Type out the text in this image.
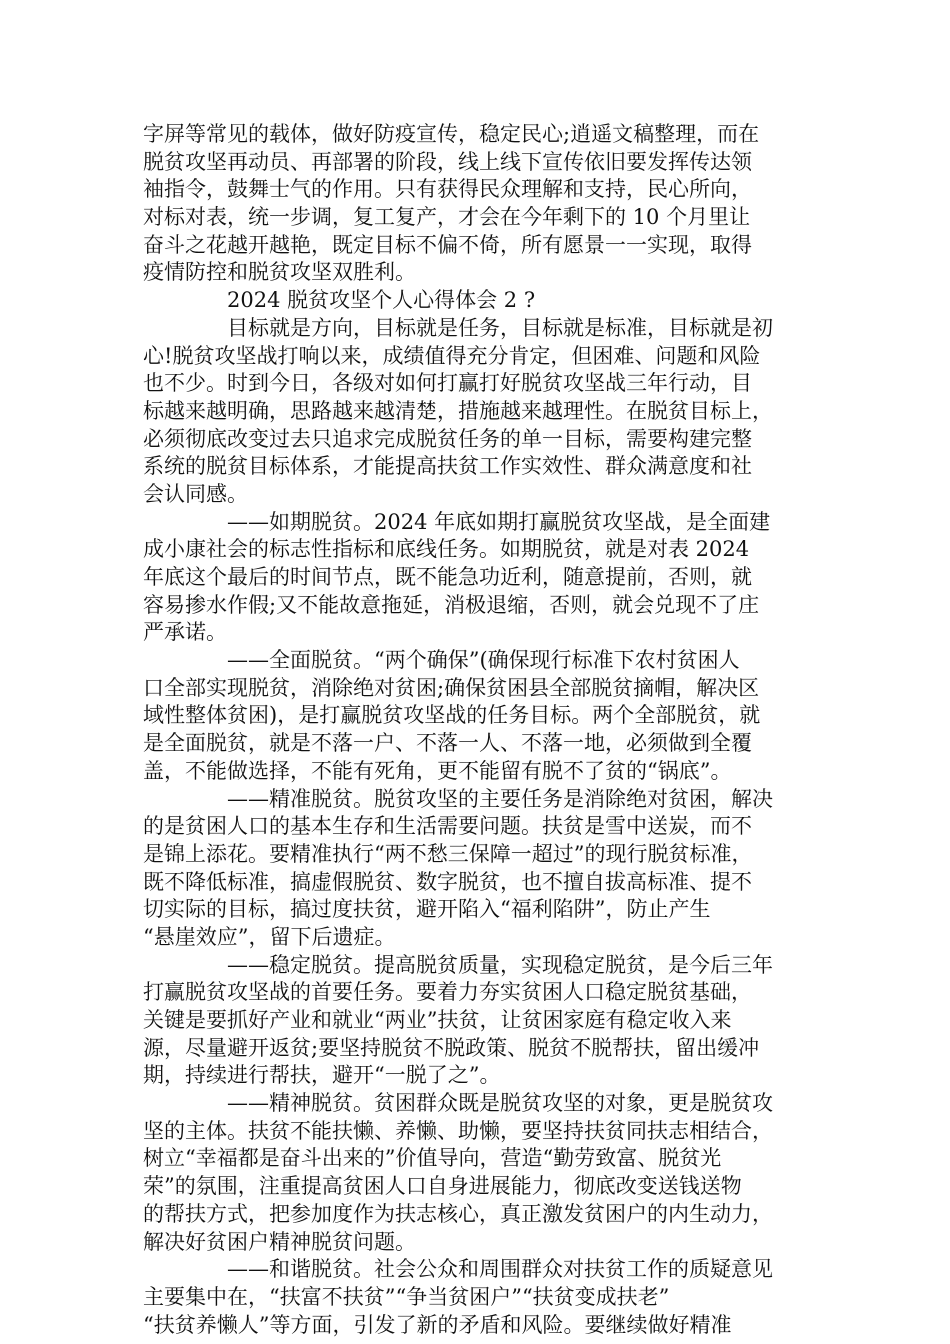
字屏等常见的载体，做好防疫宣传，稳定民心;逍遥文稿整理，而在
脱贫攻坚再动员、再部署的阶段，线上线下宣传依旧要发挥传达领
袖指令，鼓舞士气的作用。只有获得民众理解和支持，民心所向，
对标对表，统一步调，复工复产，才会在今年剩下的 10 个月里让
奋斗之花越开越艳，既定目标不偏不倚，所有愿景一一实现，取得
疫情防控和脱贫攻坚双胜利。
2024 脱贫攻坚个人心得体会 2 ?
目标就是方向，目标就是任务，目标就是标准，目标就是初
心!脱贫攻坚战打响以来，成绩值得充分肯定，但困难、问题和风险
也不少。时到今日，各级对如何打赢打好脱贫攻坚战三年行动，目
标越来越明确，思路越来越清楚，措施越来越理性。在脱贫目标上，
必须彻底改变过去只追求完成脱贫任务的单一目标，需要构建完整
系统的脱贫目标体系，才能提高扶贫工作实效性、群众满意度和社
会认同感。
——如期脱贫。2024 年底如期打赢脱贫攻坚战，是全面建
成小康社会的标志性指标和底线任务。如期脱贫，就是对表 2024
年底这个最后的时间节点，既不能急功近利，随意提前，否则，就
容易掺水作假;又不能故意拖延，消极退缩，否则，就会兑现不了庄
严承诺。
——全面脱贫。“两个确保”(确保现行标准下农村贫困人
口全部实现脱贫，消除绝对贫困;确保贫困县全部脱贫摘帽，解决区
域性整体贫困)，是打赢脱贫攻坚战的任务目标。两个全部脱贫，就
是全面脱贫，就是不落一户、不落一人、不落一地，必须做到全覆
盖，不能做选择，不能有死角，更不能留有脱不了贫的“锅底”。
——精准脱贫。脱贫攻坚的主要任务是消除绝对贫困，解决
的是贫困人口的基本生存和生活需要问题。扶贫是雪中送炭，而不
是锦上添花。要精准执行“两不愁三保障一超过”的现行脱贫标准，
既不降低标准，搞虚假脱贫、数字脱贫，也不擅自拔高标准、提不
切实际的目标，搞过度扶贫，避开陷入“福利陷阱”，防止产生
“悬崖效应”，留下后遗症。
——稳定脱贫。提高脱贫质量，实现稳定脱贫，是今后三年
打赢脱贫攻坚战的首要任务。要着力夯实贫困人口稳定脱贫基础，
关键是要抓好产业和就业“两业”扶贫，让贫困家庭有稳定收入来
源，尽量避开返贫;要坚持脱贫不脱政策、脱贫不脱帮扶，留出缓冲
期，持续进行帮扶，避开“一脱了之”。
——精神脱贫。贫困群众既是脱贫攻坚的对象，更是脱贫攻
坚的主体。扶贫不能扶懒、养懒、助懒，要坚持扶贫同扶志相结合，
树立“幸福都是奋斗出来的”价值导向，营造“勤劳致富、脱贫光
荣”的氛围，注重提高贫困人口自身进展能力，彻底改变送钱送物
的帮扶方式，把参加度作为扶志核心，真正激发贫困户的内生动力，
解决好贫困户精神脱贫问题。
——和谐脱贫。社会公众和周围群众对扶贫工作的质疑意见
主要集中在，“扶富不扶贫”“争当贫困户”“扶贫变成扶老”
“扶贫养懒人”等方面，引发了新的矛盾和风险。要继续做好精准
